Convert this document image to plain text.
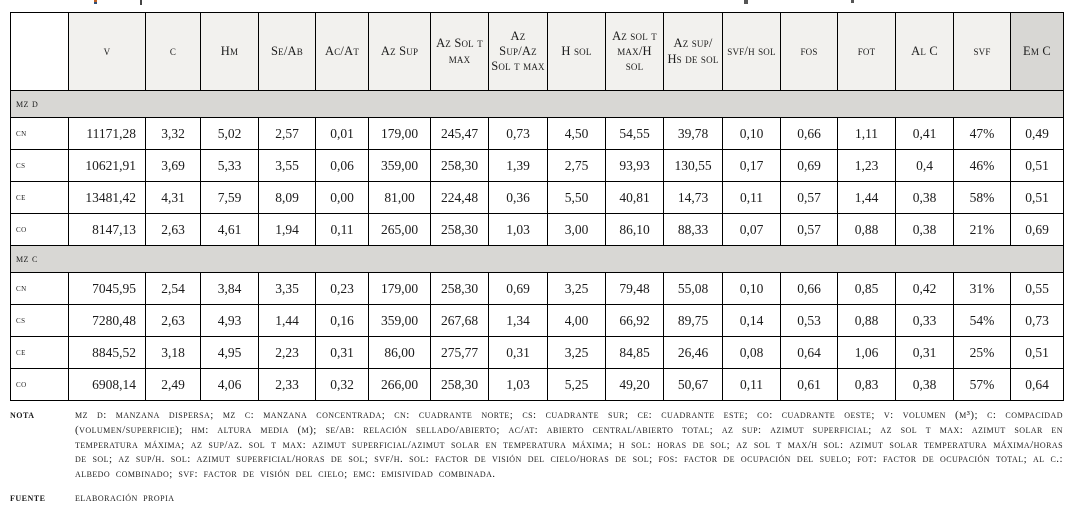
	v	c	Hm	Se/Ab	Ac/At	Az Sup	Az Sol t max	Az Sup/Az Sol t max	H sol	Az sol t max/H sol	Az sup/ Hs de sol	svf/h sol	fos	fot	Al C	svf	Em C
mz d																	
cn	11171,28	3,32	5,02	2,57	0,01	179,00	245,47	0,73	4,50	54,55	39,78	0,10	0,66	1,11	0,41	47%	0,49
cs	10621,91	3,69	5,33	3,55	0,06	359,00	258,30	1,39	2,75	93,93	130,55	0,17	0,69	1,23	0,4	46%	0,51
ce	13481,42	4,31	7,59	8,09	0,00	81,00	224,48	0,36	5,50	40,81	14,73	0,11	0,57	1,44	0,38	58%	0,51
co	8147,13	2,63	4,61	1,94	0,11	265,00	258,30	1,03	3,00	86,10	88,33	0,07	0,57	0,88	0,38	21%	0,69
mz c																	
cn	7045,95	2,54	3,84	3,35	0,23	179,00	258,30	0,69	3,25	79,48	55,08	0,10	0,66	0,85	0,42	31%	0,55
cs	7280,48	2,63	4,93	1,44	0,16	359,00	267,68	1,34	4,00	66,92	89,75	0,14	0,53	0,88	0,33	54%	0,73
ce	8845,52	3,18	4,95	2,23	0,31	86,00	275,77	0,31	3,25	84,85	26,46	0,08	0,64	1,06	0,31	25%	0,51
co	6908,14	2,49	4,06	2,33	0,32	266,00	258,30	1,03	5,25	49,20	50,67	0,11	0,61	0,83	0,38	57%	0,64
nota	mz d: manzana dispersa; mz c: manzana concentrada; cn: cuadrante norte; cs: cuadrante sur; ce: cuadrante este; co: cuadrante oeste; v: volumen (m³); c: compacidad (volumen/superficie); hm: altura media (m); se/ab: relación sellado/abierto; ac/at: abierto central/abierto total; az sup: azimut superficial; az sol t max: azimut solar en temperatura máxima; az sup/az. sol t max: azimut superficial/azimut solar en temperatura máxima; h sol: horas de sol; az sol t max/h sol: azimut solar temperatura máxima/horas de sol; az sup/h. sol: azimut superficial/horas de sol; svf/h. sol: factor de visión del cielo/horas de sol; fos: factor de ocupación del suelo; fot: factor de ocupación total; al c.: albedo combinado; svf: factor de visión del cielo; emc: emisividad combinada.
fuente	elaboración propia
